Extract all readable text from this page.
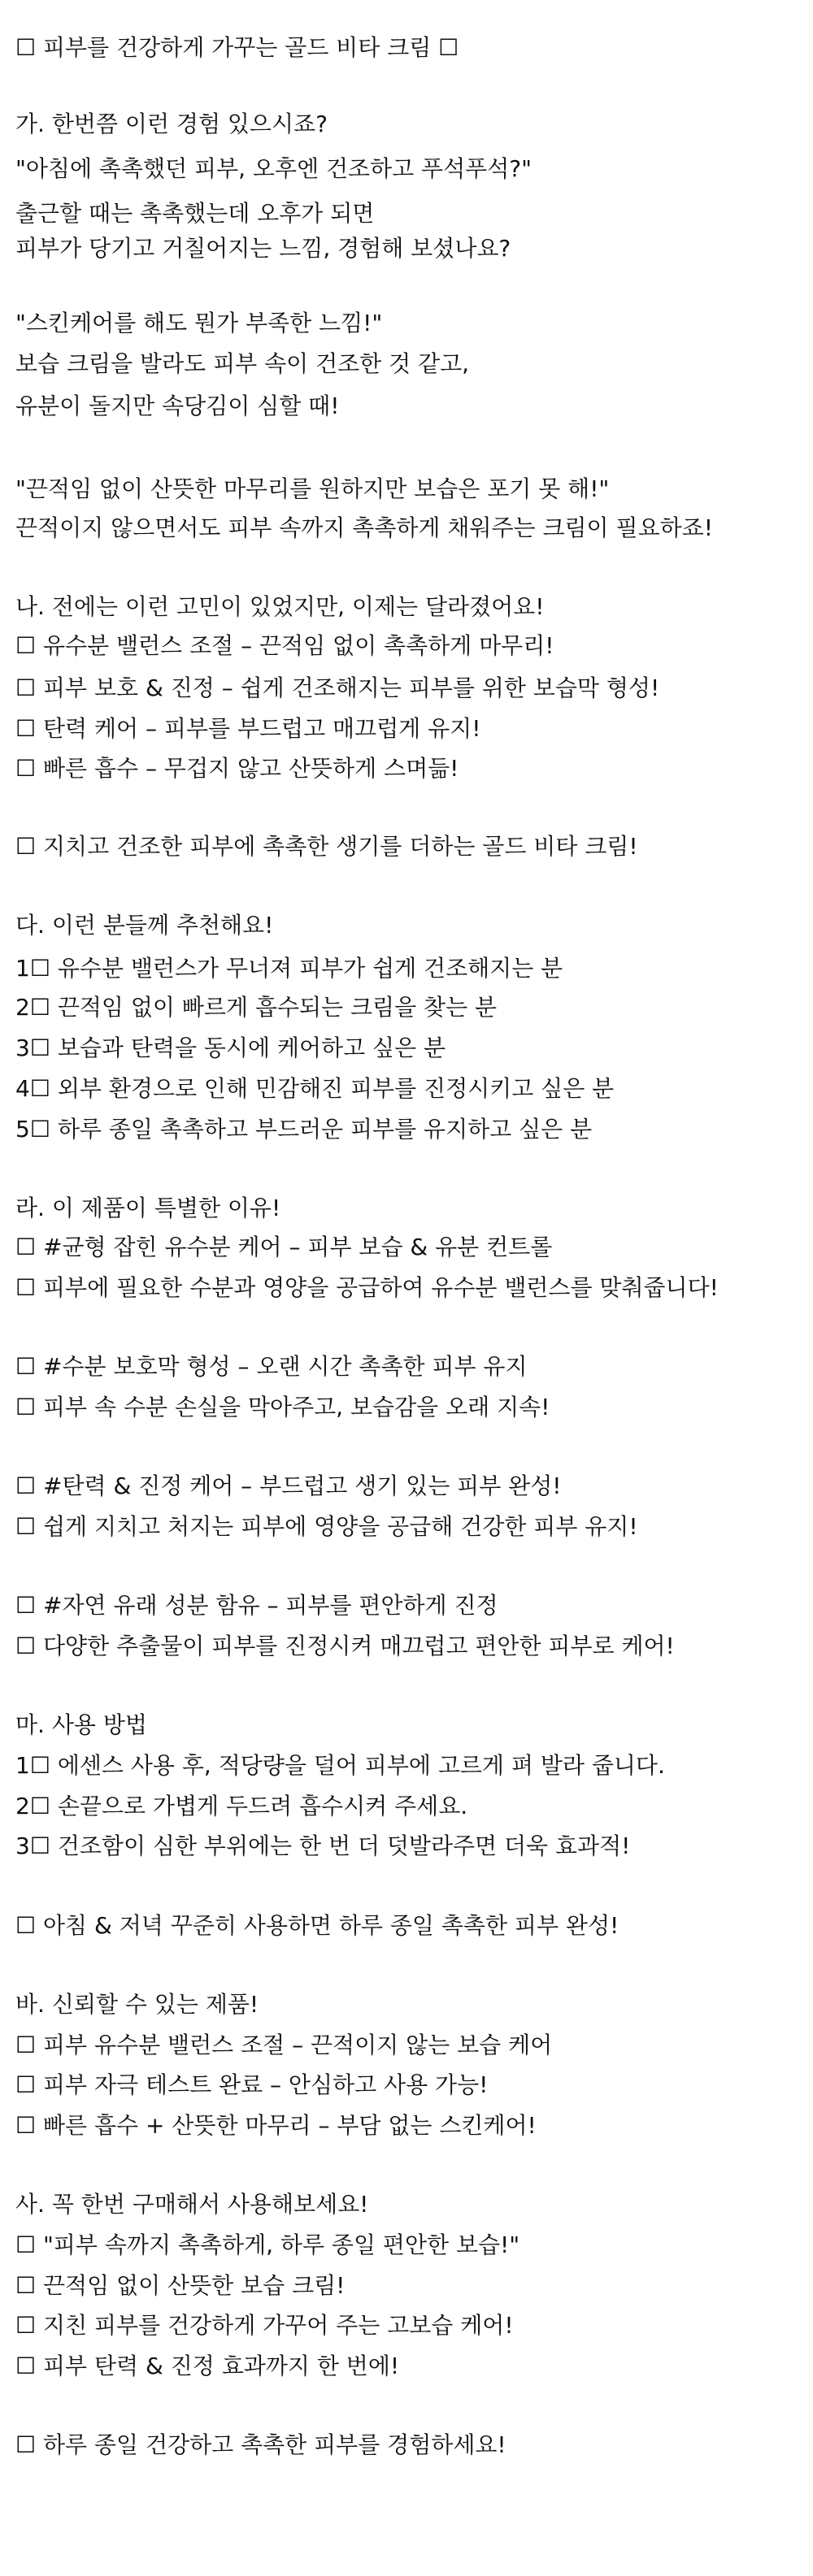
☐ 피부를 건강하게 가꾸는 골드 비타 크림 ☐
가. 한번쯤 이런 경험 있으시죠?
"아침에 촉촉했던 피부, 오후엔 건조하고 푸석푸석?"
출근할 때는 촉촉했는데 오후가 되면
피부가 당기고 거칠어지는 느낌, 경험해 보셨나요?
"스킨케어를 해도 뭔가 부족한 느낌!"
보습 크림을 발라도 피부 속이 건조한 것 같고,
유분이 돌지만 속당김이 심할 때!
"끈적임 없이 산뜻한 마무리를 원하지만 보습은 포기 못 해!"
끈적이지 않으면서도 피부 속까지 촉촉하게 채워주는 크림이 필요하죠!
나. 전에는 이런 고민이 있었지만, 이제는 달라졌어요!
☐ 유수분 밸런스 조절 – 끈적임 없이 촉촉하게 마무리!
☐ 피부 보호 & 진정 – 쉽게 건조해지는 피부를 위한 보습막 형성!
☐ 탄력 케어 – 피부를 부드럽고 매끄럽게 유지!
☐ 빠른 흡수 – 무겁지 않고 산뜻하게 스며듦!
☐ 지치고 건조한 피부에 촉촉한 생기를 더하는 골드 비타 크림!
다. 이런 분들께 추천해요!
1☐ 유수분 밸런스가 무너져 피부가 쉽게 건조해지는 분
2☐ 끈적임 없이 빠르게 흡수되는 크림을 찾는 분
3☐ 보습과 탄력을 동시에 케어하고 싶은 분
4☐ 외부 환경으로 인해 민감해진 피부를 진정시키고 싶은 분
5☐ 하루 종일 촉촉하고 부드러운 피부를 유지하고 싶은 분
라. 이 제품이 특별한 이유!
☐ #균형 잡힌 유수분 케어 – 피부 보습 & 유분 컨트롤
☐ 피부에 필요한 수분과 영양을 공급하여 유수분 밸런스를 맞춰줍니다!
☐ #수분 보호막 형성 – 오랜 시간 촉촉한 피부 유지
☐ 피부 속 수분 손실을 막아주고, 보습감을 오래 지속!
☐ #탄력 & 진정 케어 – 부드럽고 생기 있는 피부 완성!
☐ 쉽게 지치고 처지는 피부에 영양을 공급해 건강한 피부 유지!
☐ #자연 유래 성분 함유 – 피부를 편안하게 진정
☐ 다양한 추출물이 피부를 진정시켜 매끄럽고 편안한 피부로 케어!
마. 사용 방법
1☐ 에센스 사용 후, 적당량을 덜어 피부에 고르게 펴 발라 줍니다.
2☐ 손끝으로 가볍게 두드려 흡수시켜 주세요.
3☐ 건조함이 심한 부위에는 한 번 더 덧발라주면 더욱 효과적!
☐ 아침 & 저녁 꾸준히 사용하면 하루 종일 촉촉한 피부 완성!
바. 신뢰할 수 있는 제품!
☐ 피부 유수분 밸런스 조절 – 끈적이지 않는 보습 케어
☐ 피부 자극 테스트 완료 – 안심하고 사용 가능!
☐ 빠른 흡수 + 산뜻한 마무리 – 부담 없는 스킨케어!
사. 꼭 한번 구매해서 사용해보세요!
☐ "피부 속까지 촉촉하게, 하루 종일 편안한 보습!"
☐ 끈적임 없이 산뜻한 보습 크림!
☐ 지친 피부를 건강하게 가꾸어 주는 고보습 케어!
☐ 피부 탄력 & 진정 효과까지 한 번에!
☐ 하루 종일 건강하고 촉촉한 피부를 경험하세요!
